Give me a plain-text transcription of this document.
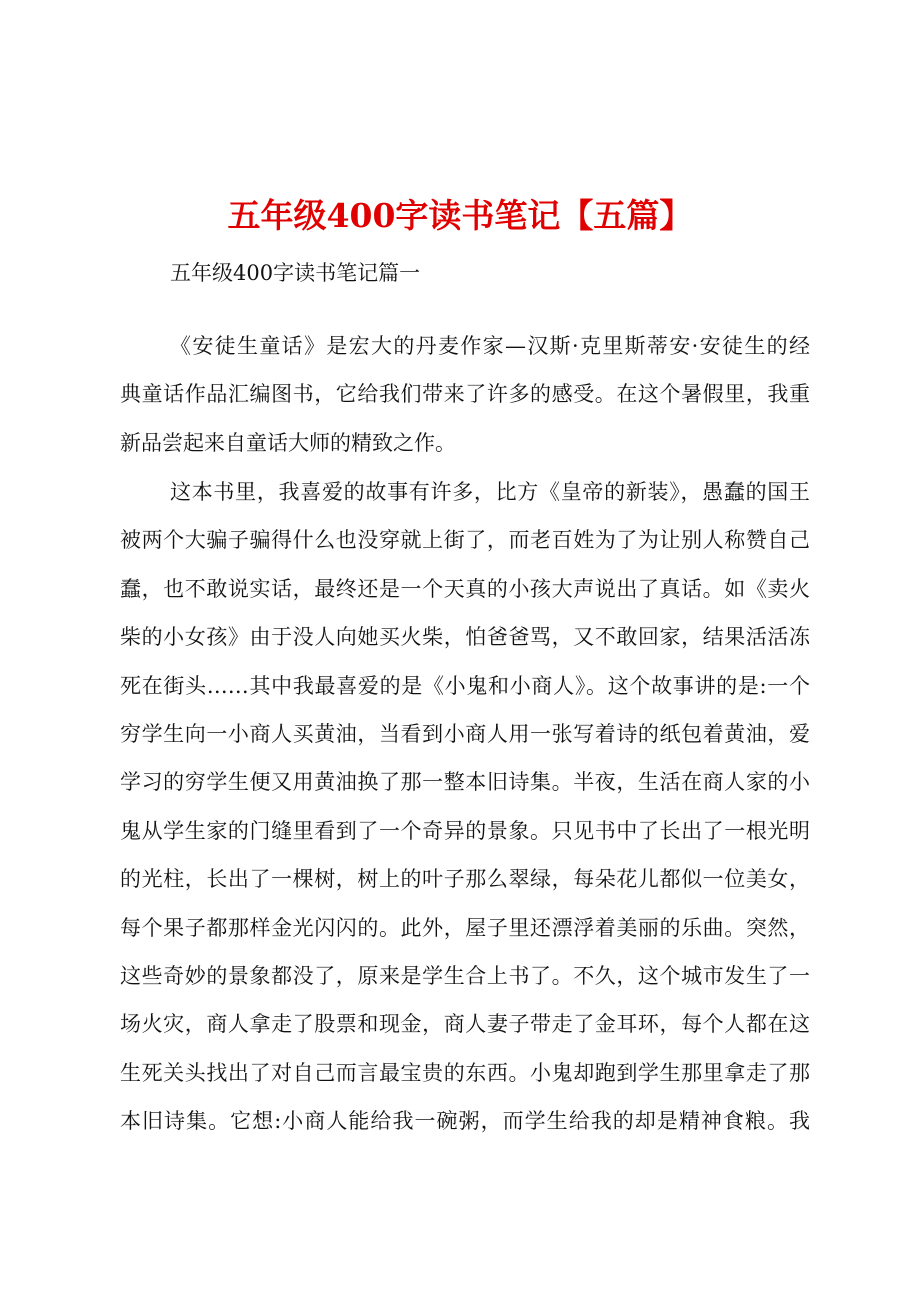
五年级400字读书笔记【五篇】

五年级400字读书笔记篇一

《安徒生童话》是宏大的丹麦作家—汉斯·克里斯蒂安·安徒生的经
典童话作品汇编图书，它给我们带来了许多的感受。在这个暑假里，我重
新品尝起来自童话大师的精致之作。
这本书里，我喜爱的故事有许多，比方《皇帝的新装》，愚蠢的国王
被两个大骗子骗得什么也没穿就上街了，而老百姓为了为让别人称赞自己
蠢，也不敢说实话，最终还是一个天真的小孩大声说出了真话。如《卖火
柴的小女孩》由于没人向她买火柴，怕爸爸骂，又不敢回家，结果活活冻
死在街头……其中我最喜爱的是《小鬼和小商人》。这个故事讲的是:一个
穷学生向一小商人买黄油，当看到小商人用一张写着诗的纸包着黄油，爱
学习的穷学生便又用黄油换了那一整本旧诗集。半夜，生活在商人家的小
鬼从学生家的门缝里看到了一个奇异的景象。只见书中了长出了一根光明
的光柱，长出了一棵树，树上的叶子那么翠绿，每朵花儿都似一位美女，
每个果子都那样金光闪闪的。此外，屋子里还漂浮着美丽的乐曲。突然，
这些奇妙的景象都没了，原来是学生合上书了。不久，这个城市发生了一
场火灾，商人拿走了股票和现金，商人妻子带走了金耳环，每个人都在这
生死关头找出了对自己而言最宝贵的东西。小鬼却跑到学生那里拿走了那
本旧诗集。它想:小商人能给我一碗粥，而学生给我的却是精神食粮。我
